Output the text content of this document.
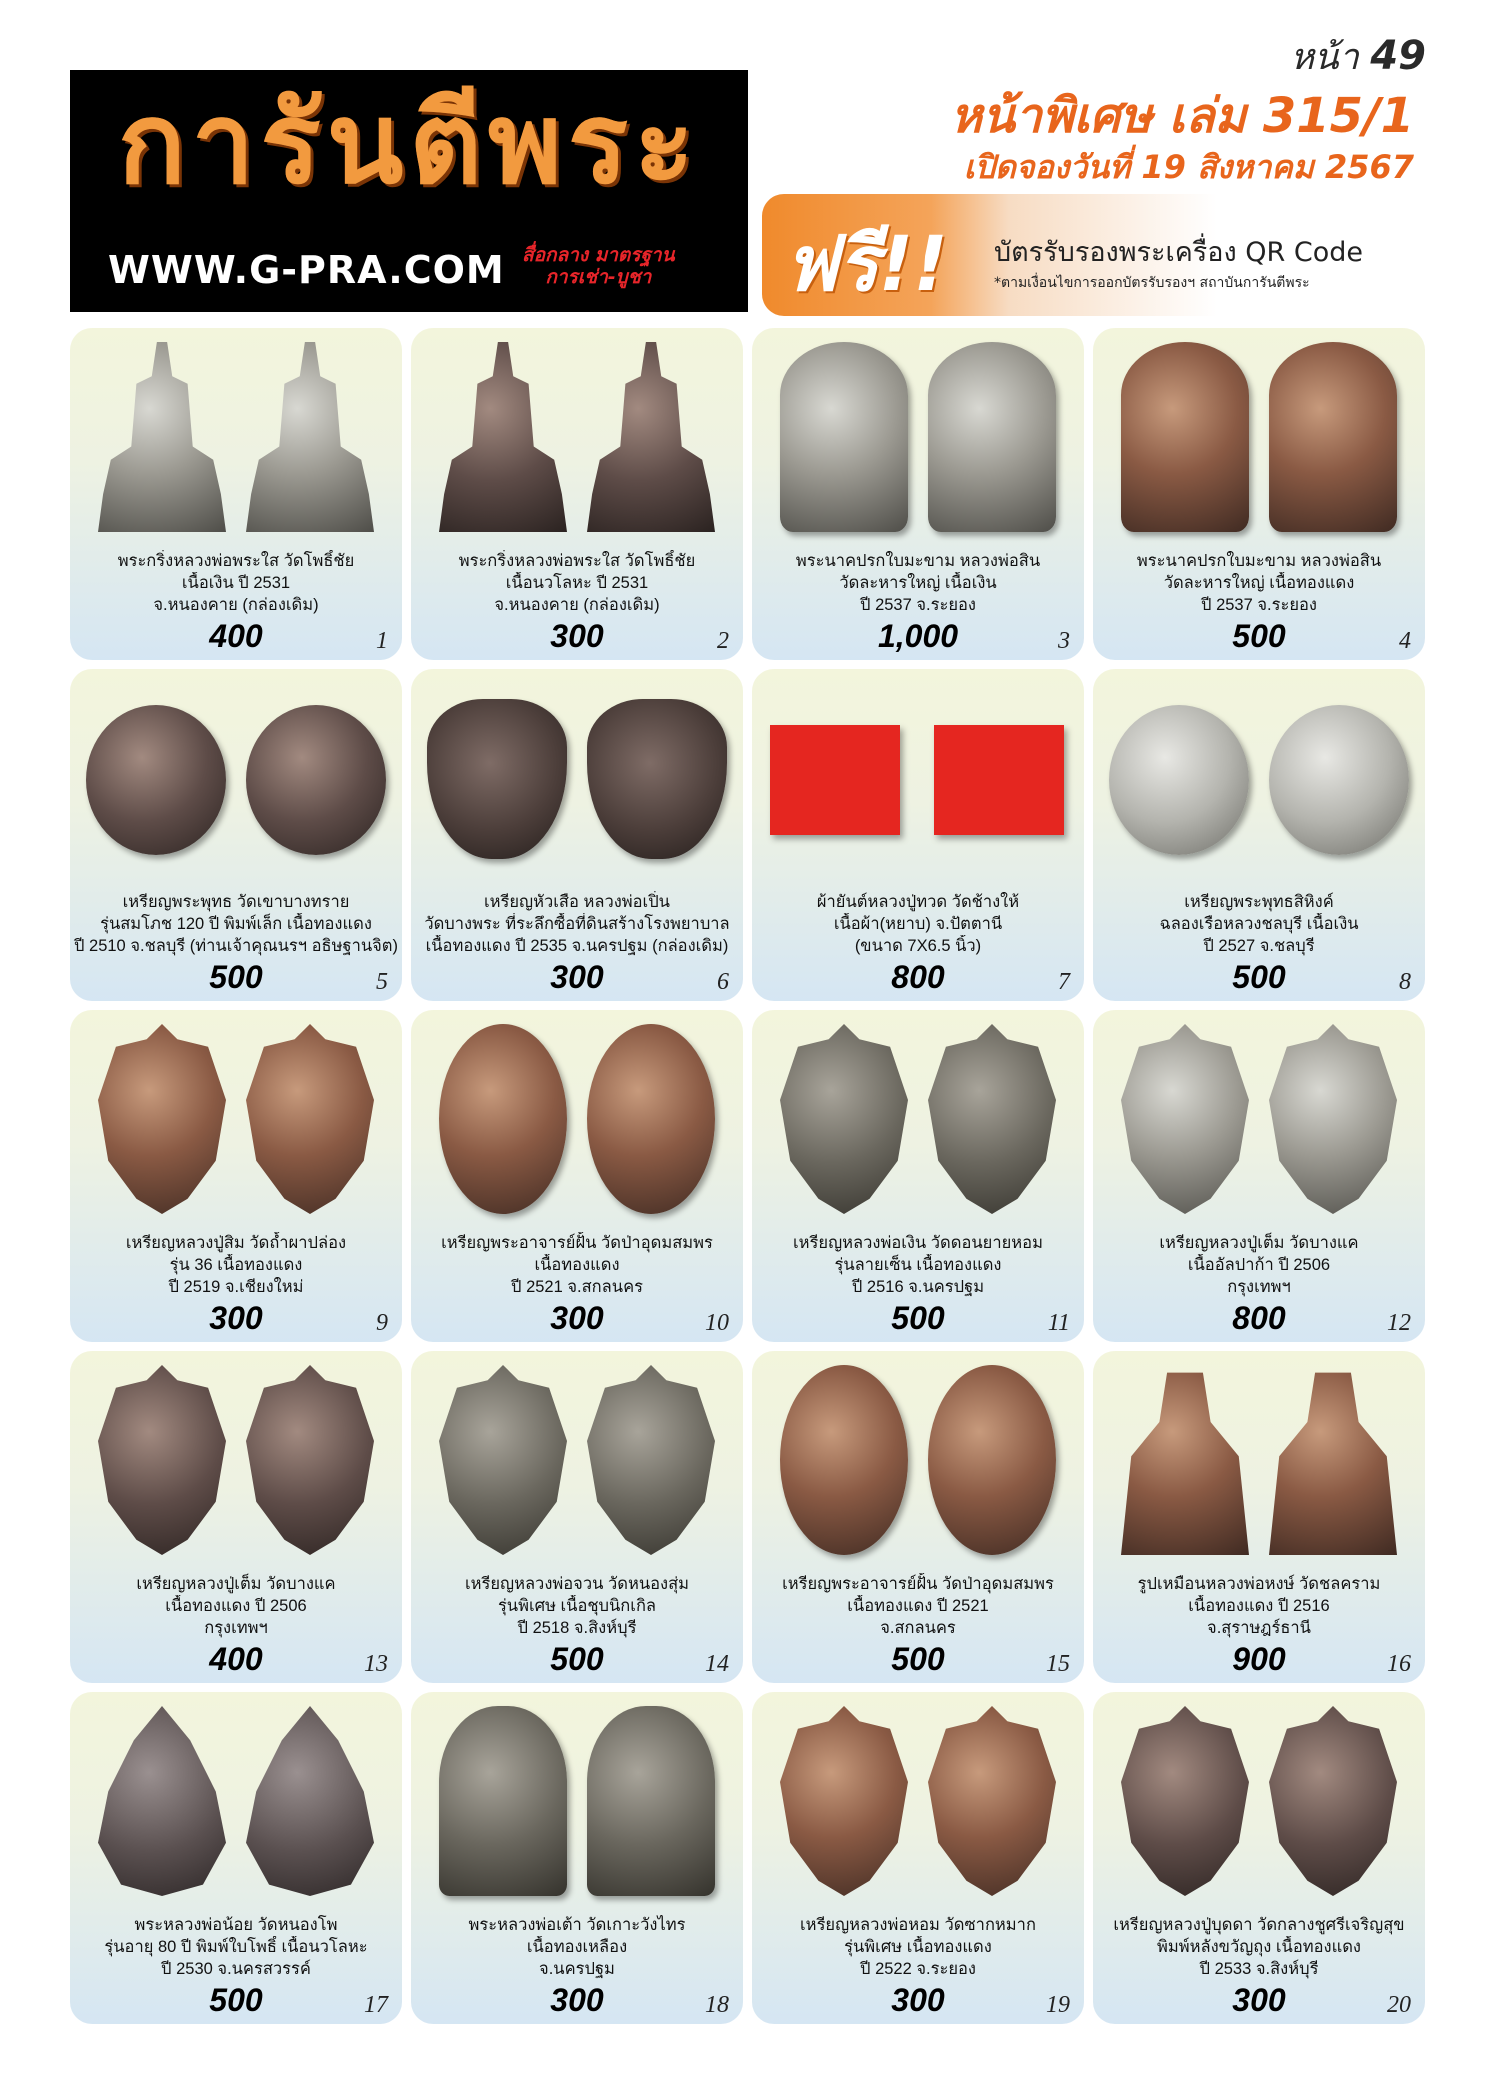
การันตีพระ
WWW.G-PRA.COM สื่อกลาง มาตรฐาน
การเช่า-บูชา
หน้า 49
หน้าพิเศษ เล่ม 315/1
เปิดจองวันที่ 19 สิงหาคม 2567
ฟรี!! บัตรรับรองพระเครื่อง QR Code
*ตามเงื่อนไขการออกบัตรรับรองฯ สถาบันการันตีพระ
พระกริ่งหลวงพ่อพระใส วัดโพธิ์ชัย
เนื้อเงิน ปี 2531
จ.หนองคาย (กล่องเดิม)
400	1
พระกริ่งหลวงพ่อพระใส วัดโพธิ์ชัย
เนื้อนวโลหะ ปี 2531
จ.หนองคาย (กล่องเดิม)
300	2
พระนาคปรกใบมะขาม หลวงพ่อสิน
วัดละหารใหญ่ เนื้อเงิน
ปี 2537 จ.ระยอง
1,000	3
พระนาคปรกใบมะขาม หลวงพ่อสิน
วัดละหารใหญ่ เนื้อทองแดง
ปี 2537 จ.ระยอง
500	4
เหรียญพระพุทธ วัดเขาบางทราย
รุ่นสมโภช 120 ปี พิมพ์เล็ก เนื้อทองแดง
ปี 2510 จ.ชลบุรี (ท่านเจ้าคุณนรฯ อธิษฐานจิต)
500	5
เหรียญหัวเสือ หลวงพ่อเปิ่น
วัดบางพระ ที่ระลึกซื้อที่ดินสร้างโรงพยาบาล
เนื้อทองแดง ปี 2535 จ.นครปฐม (กล่องเดิม)
300	6
ผ้ายันต์หลวงปู่ทวด วัดช้างให้
เนื้อผ้า(หยาบ) จ.ปัตตานี
(ขนาด 7X6.5 นิ้ว)
800	7
เหรียญพระพุทธสิหิงค์
ฉลองเรือหลวงชลบุรี เนื้อเงิน
ปี 2527 จ.ชลบุรี
500	8
เหรียญหลวงปู่สิม วัดถ้ำผาปล่อง
รุ่น 36 เนื้อทองแดง
ปี 2519 จ.เชียงใหม่
300	9
เหรียญพระอาจารย์ฝั้น วัดป่าอุดมสมพร
เนื้อทองแดง
ปี 2521 จ.สกลนคร
300	10
เหรียญหลวงพ่อเงิน วัดดอนยายหอม
รุ่นลายเซ็น เนื้อทองแดง
ปี 2516 จ.นครปฐม
500	11
เหรียญหลวงปู่เต็ม วัดบางแค
เนื้ออัลปาก้า ปี 2506
กรุงเทพฯ
800	12
เหรียญหลวงปู่เต็ม วัดบางแค
เนื้อทองแดง ปี 2506
กรุงเทพฯ
400	13
เหรียญหลวงพ่อจวน วัดหนองสุ่ม
รุ่นพิเศษ เนื้อชุบนิกเกิล
ปี 2518 จ.สิงห์บุรี
500	14
เหรียญพระอาจารย์ฝั้น วัดป่าอุดมสมพร
เนื้อทองแดง ปี 2521
จ.สกลนคร
500	15
รูปเหมือนหลวงพ่อหงษ์ วัดชลคราม
เนื้อทองแดง ปี 2516
จ.สุราษฎร์ธานี
900	16
พระหลวงพ่อน้อย วัดหนองโพ
รุ่นอายุ 80 ปี พิมพ์ใบโพธิ์ เนื้อนวโลหะ
ปี 2530 จ.นครสวรรค์
500	17
พระหลวงพ่อเต้า วัดเกาะวังไทร
เนื้อทองเหลือง
จ.นครปฐม
300	18
เหรียญหลวงพ่อหอม วัดซากหมาก
รุ่นพิเศษ เนื้อทองแดง
ปี 2522 จ.ระยอง
300	19
เหรียญหลวงปู่บุดดา วัดกลางชูศรีเจริญสุข
พิมพ์หลังขวัญถุง เนื้อทองแดง
ปี 2533 จ.สิงห์บุรี
300	20
